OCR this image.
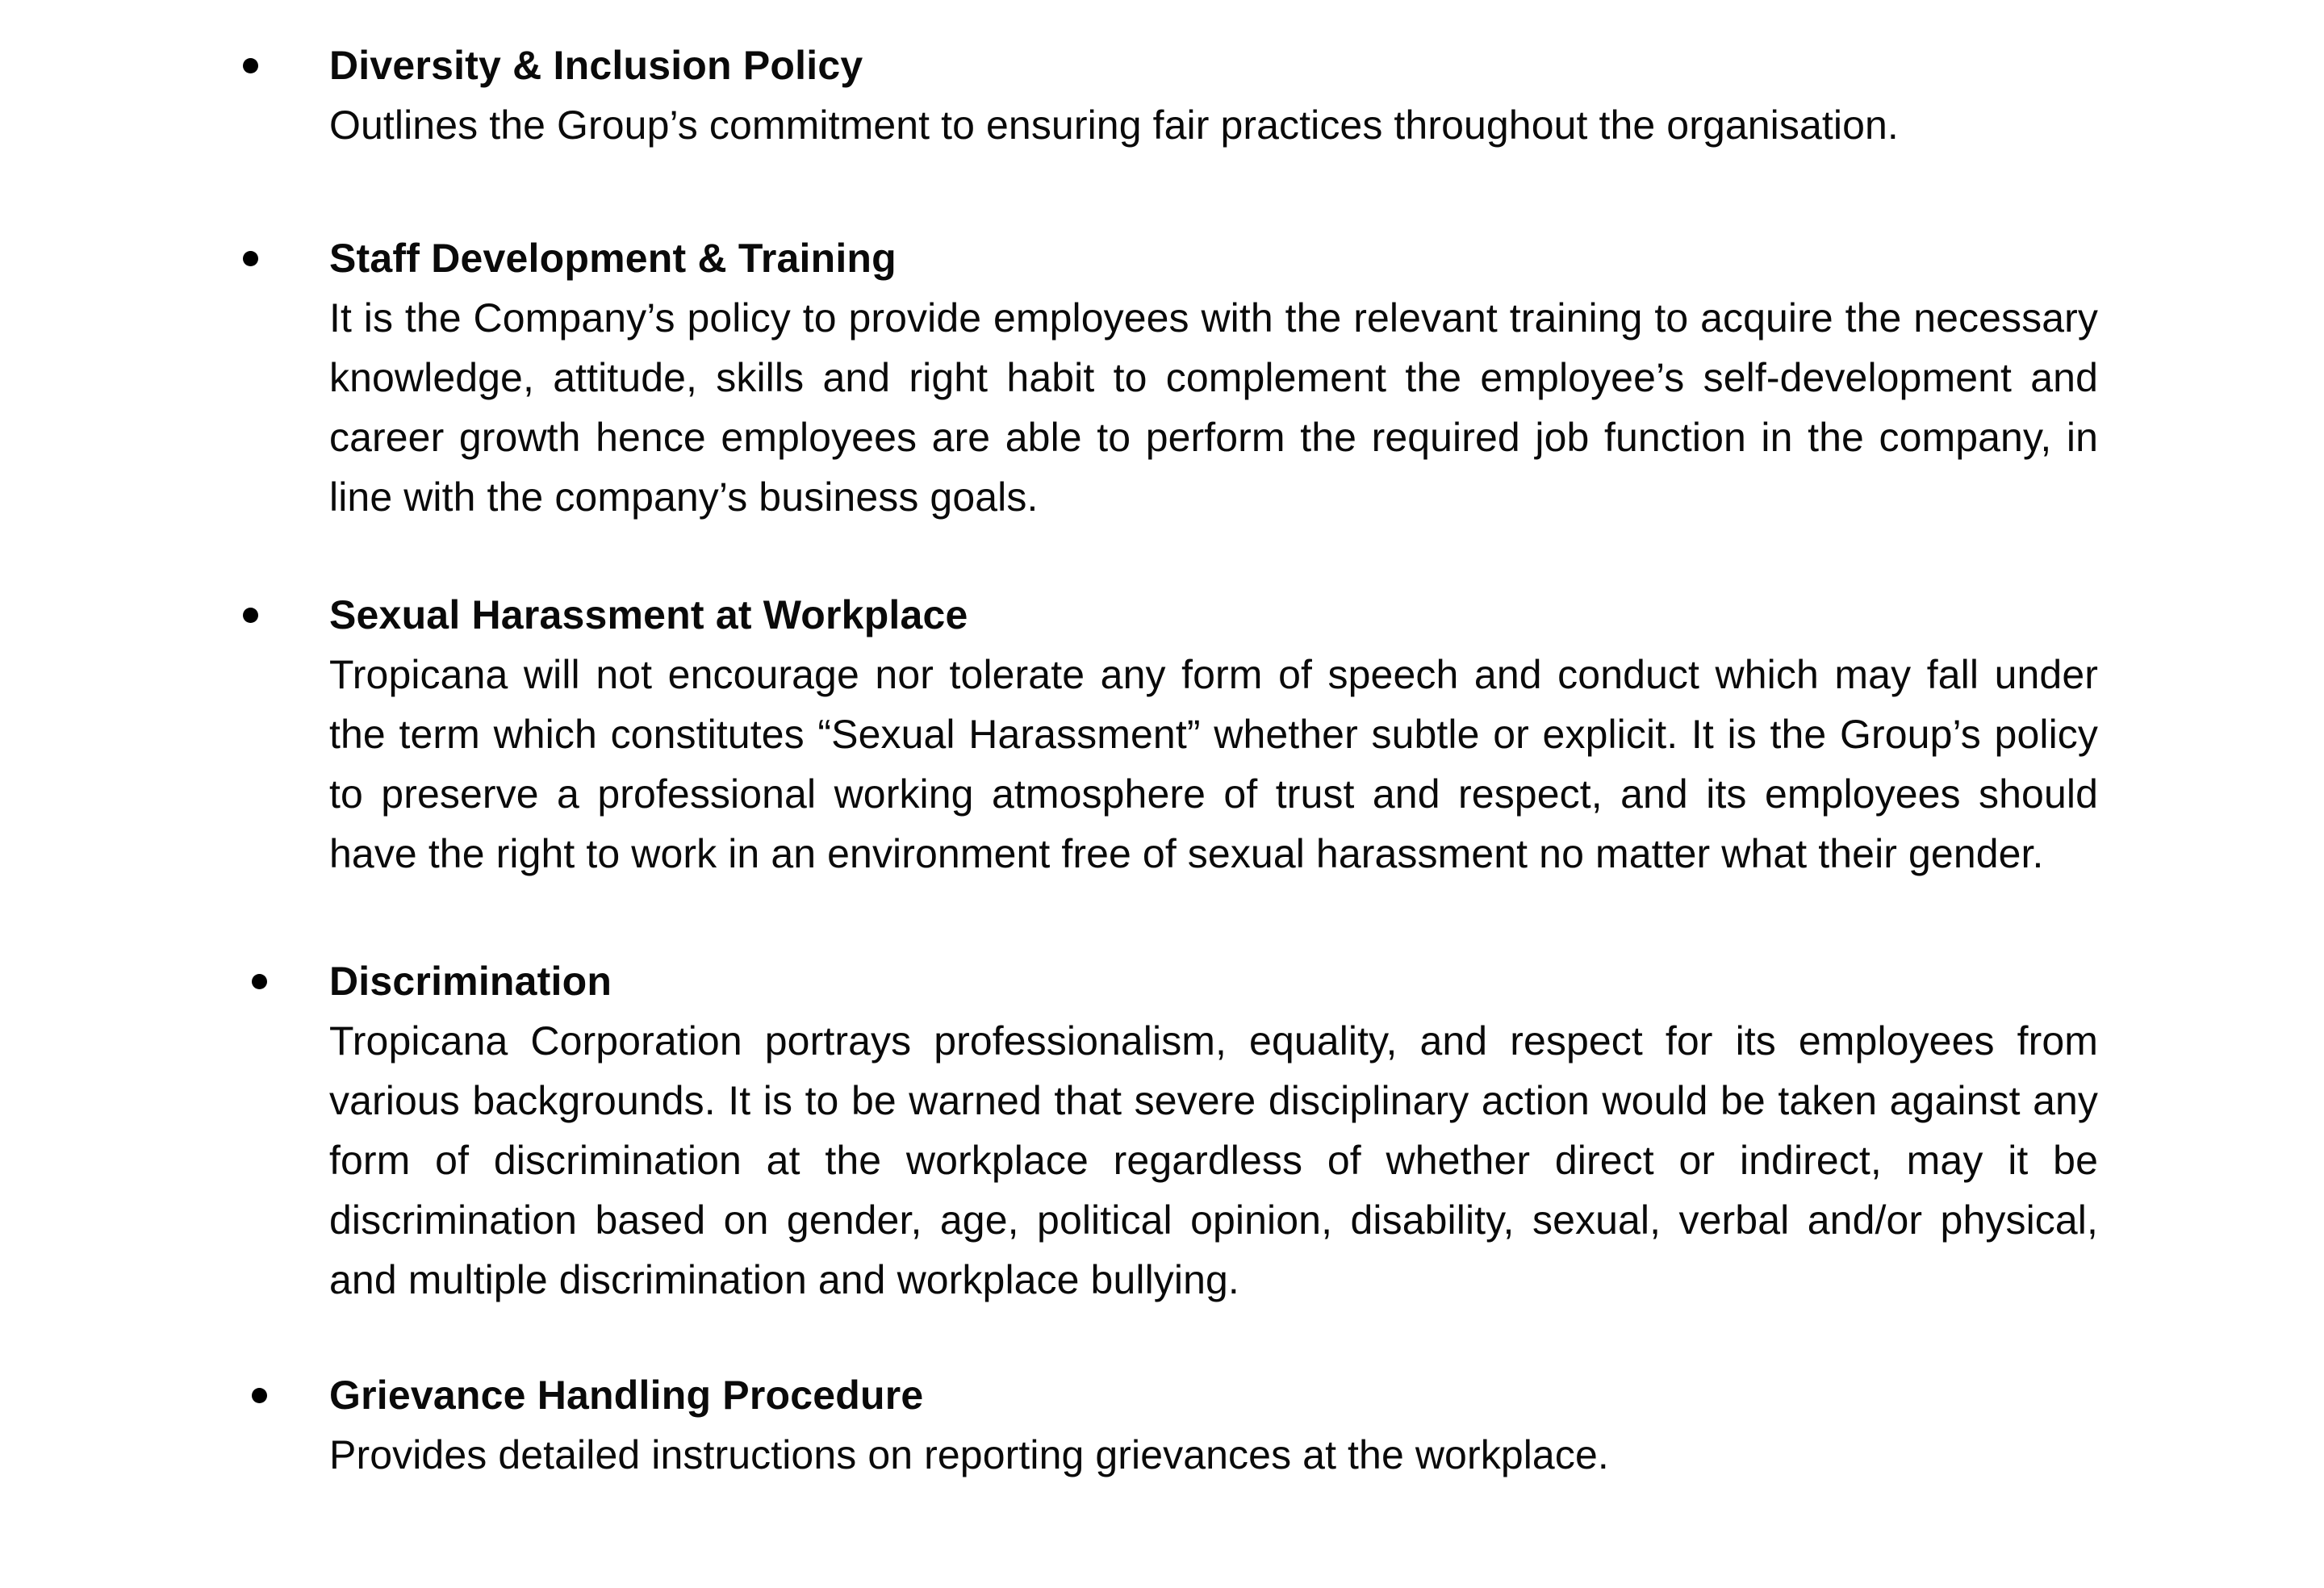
Diversity & Inclusion Policy
Outlines the Group’s commitment to ensuring fair practices throughout the organisation.
Staff Development & Training
It is the Company’s policy to provide employees with the relevant training to acquire the necessary knowledge, attitude, skills and right habit to complement the employee’s self-development and career growth hence employees are able to perform the required job function in the company, in line with the company’s business goals.
Sexual Harassment at Workplace
Tropicana will not encourage nor tolerate any form of speech and conduct which may fall under the term which constitutes “Sexual Harassment” whether subtle or explicit. It is the Group’s policy to preserve a professional working atmosphere of trust and respect, and its employees should have the right to work in an environment free of sexual harassment no matter what their gender.
Discrimination
Tropicana Corporation portrays professionalism, equality, and respect for its employees from various backgrounds. It is to be warned that severe disciplinary action would be taken against any form of discrimination at the workplace regardless of whether direct or indirect, may it be discrimination based on gender, age, political opinion, disability, sexual, verbal and/or physical, and multiple discrimination and workplace bullying.
Grievance Handling Procedure
Provides detailed instructions on reporting grievances at the workplace.
